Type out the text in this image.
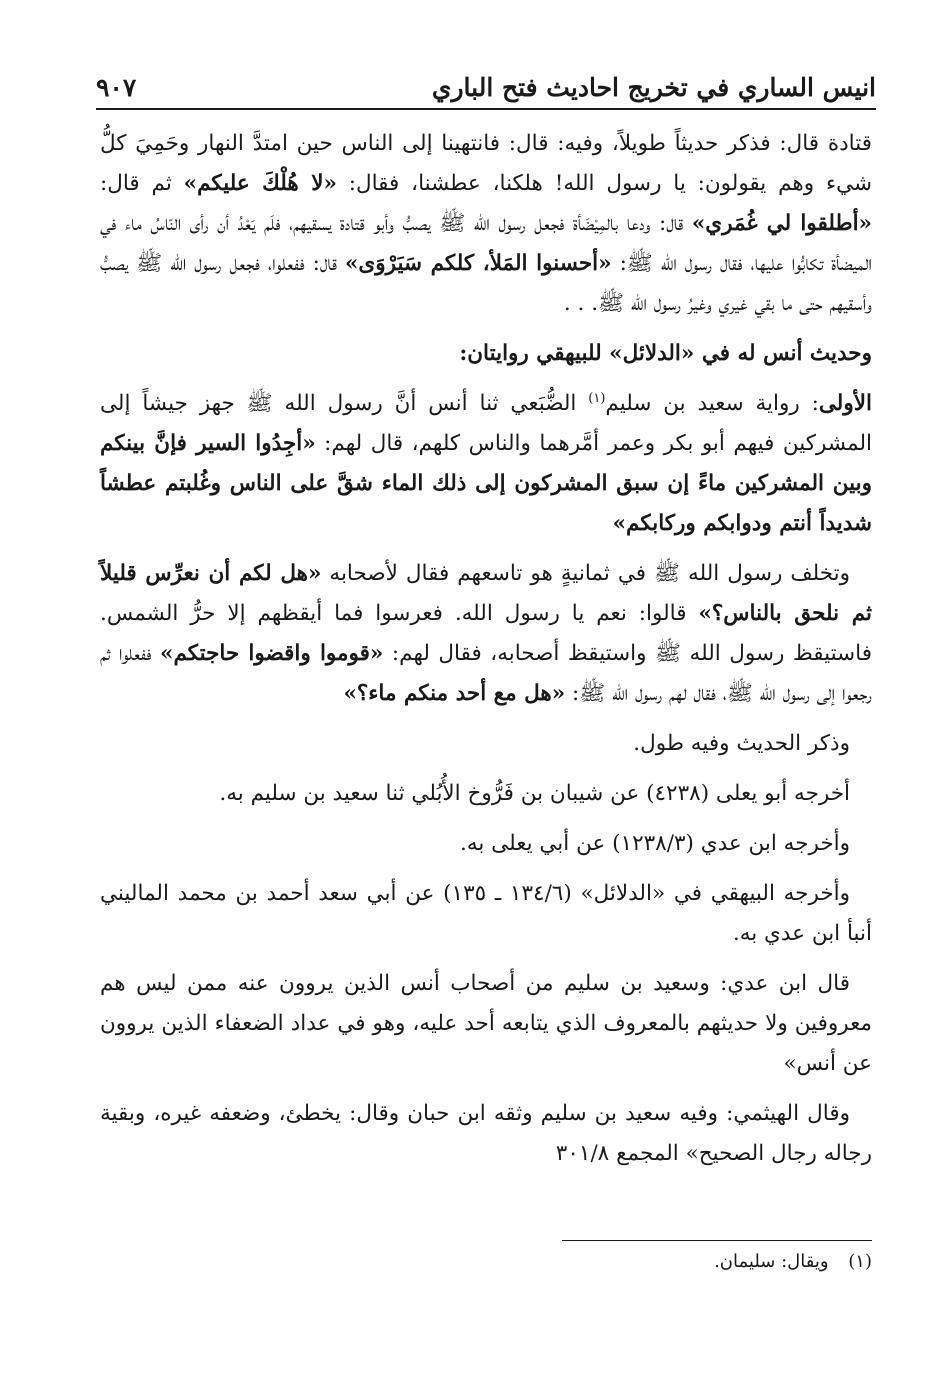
انيس الساري في تخريج احاديث فتح الباري
٩٠٧

قتادة قال: فذكر حديثاً طويلاً، وفيه: قال: فانتهينا إلى الناس حين امتدَّ النهار وحَمِيَ كلُّ شيء وهم يقولون: يا رسول الله! هلكنا، عطشنا، فقال: «لا هُلْكَ عليكم» ثم قال: «أطلقوا لي غُمَري» قال: ودعا بالمِيْضَأة فجعل رسول الله ﷺ يصبُّ وأبو قتادة يسقيهم، فلَم يَعْدُ أن رأى النّاسُ ماء في الميضأة تكابُّوا عليها، فقال رسول الله ﷺ: «أحسنوا المَلأ، كلكم سَيَرْوَى» قال: ففعلوا، فجعل رسول الله ﷺ يصبُّ وأسقيهم حتى ما بقي غيري وغيرُ رسول الله ﷺ. . .

وحديث أنس له في «الدلائل» للبيهقي روايتان:

الأولى: رواية سعيد بن سليم$^{(١)}$ الضُّبَعي ثنا أنس أنَّ رسول الله ﷺ جهز جيشاً إلى المشركين فيهم أبو بكر وعمر أمَّرهما والناس كلهم، قال لهم: «أجِدُوا السير فإنَّ بينكم وبين المشركين ماءً إن سبق المشركون إلى ذلك الماء شقَّ على الناس وغُلبتم عطشاً شديداً أنتم ودوابكم وركابكم»

وتخلف رسول الله ﷺ في ثمانيةٍ هو تاسعهم فقال لأصحابه «هل لكم أن نعرِّس قليلاً ثم نلحق بالناس؟» قالوا: نعم يا رسول الله. فعرسوا فما أيقظهم إلا حرُّ الشمس. فاستيقظ رسول الله ﷺ واستيقظ أصحابه، فقال لهم: «قوموا واقضوا حاجتكم» ففعلوا ثم رجعوا إلى رسول الله ﷺ، فقال لهم رسول الله ﷺ: «هل مع أحد منكم ماء؟»

وذكر الحديث وفيه طول.

أخرجه أبو يعلى (٤٢٣٨) عن شيبان بن فَرُّوخ الأُبُلي ثنا سعيد بن سليم به.

وأخرجه ابن عدي (١٢٣٨/٣) عن أبي يعلى به.

وأخرجه البيهقي في «الدلائل» (١٣٤/٦ ـ ١٣٥) عن أبي سعد أحمد بن محمد الماليني أنبأ ابن عدي به.

قال ابن عدي: وسعيد بن سليم من أصحاب أنس الذين يروون عنه ممن ليس هم معروفين ولا حديثهم بالمعروف الذي يتابعه أحد عليه، وهو في عداد الضعفاء الذين يروون عن أنس»

وقال الهيثمي: وفيه سعيد بن سليم وثقه ابن حبان وقال: يخطئ، وضعفه غيره، وبقية رجاله رجال الصحيح» المجمع ٣٠١/٨

(١) ويقال: سليمان.
